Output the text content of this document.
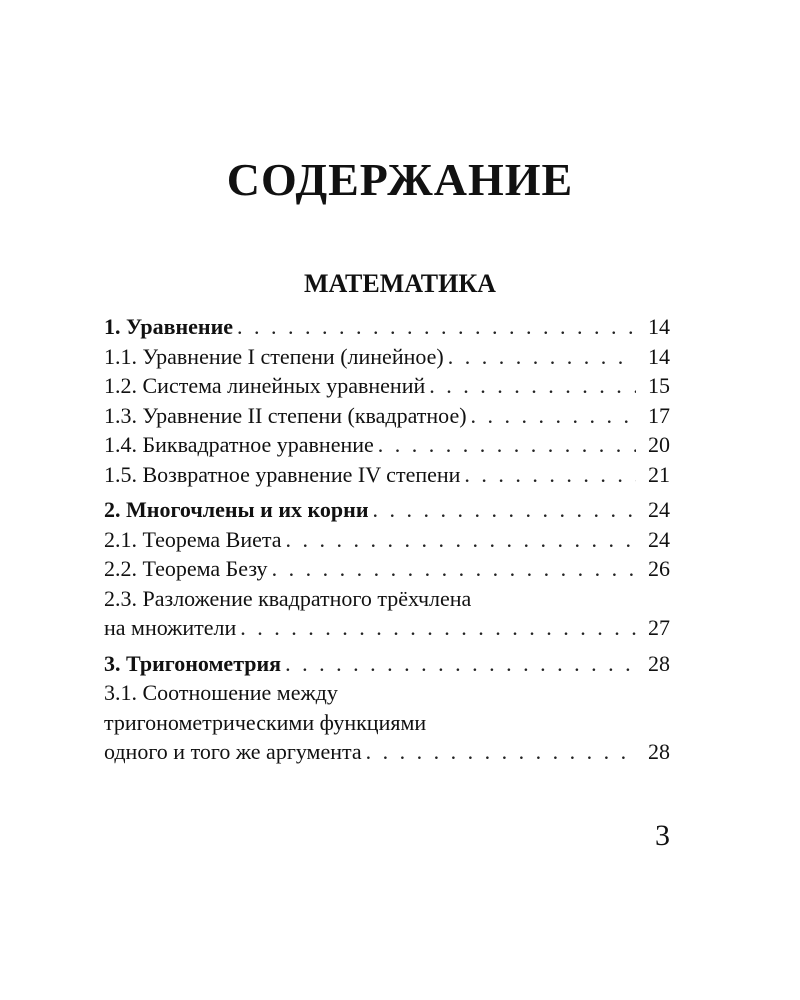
СОДЕРЖАНИЕ
МАТЕМАТИКА
1. Уравнение . . .	14
1.1. Уравнение I степени (линейное) . . .	14
1.2. Система линейных уравнений . . .	15
1.3. Уравнение II степени (квадратное) . . .	17
1.4. Биквадратное уравнение . . .	20
1.5. Возвратное уравнение IV степени . . .	21
2. Многочлены и их корни . . .	24
2.1. Теорема Виета . . .	24
2.2. Теорема Безу . . .	26
2.3. Разложение квадратного трёхчлена
на множители . . .	27
3. Тригонометрия . . .	28
3.1. Соотношение между
тригонометрическими функциями
одного и того же аргумента . . .	28
3
